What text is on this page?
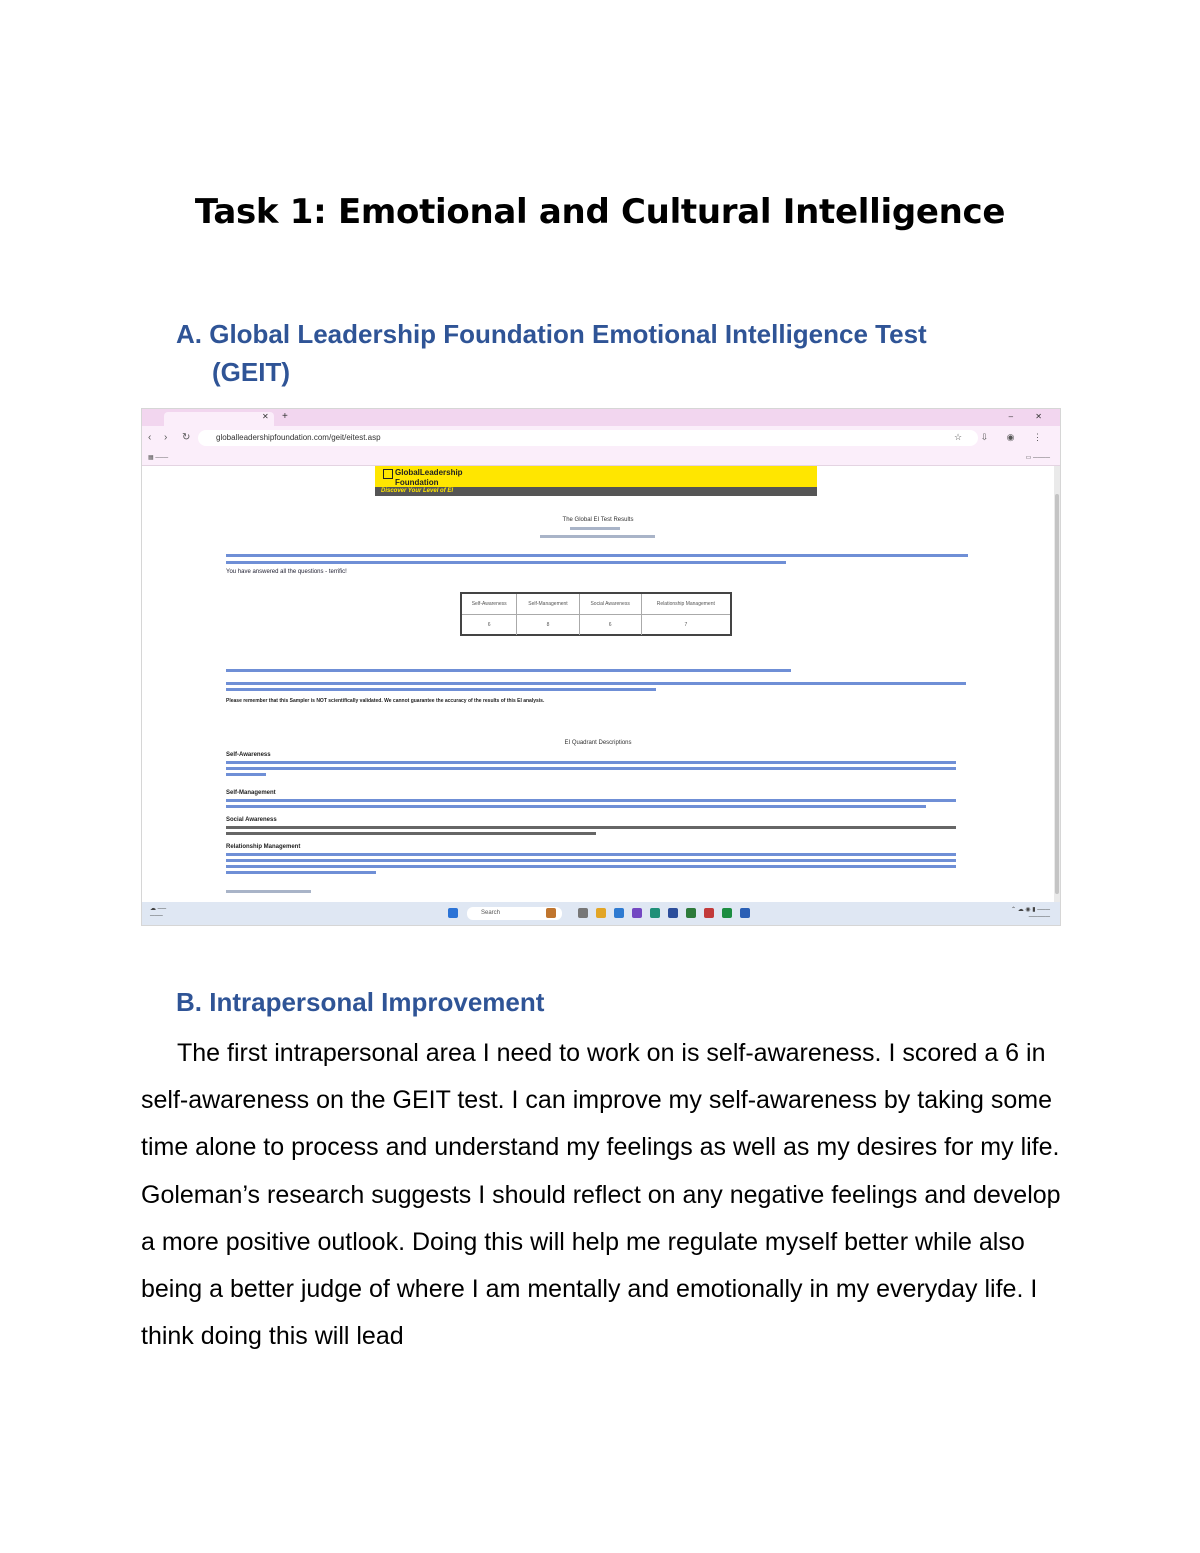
Task 1: Emotional and Cultural Intelligence
A. Global Leadership Foundation Emotional Intelligence Test
(GEIT)
✕ +	– ✕
‹ › ↻	globalleadershipfoundation.com/geit/eitest.asp	☆ ⇩ ◉ ⋮
▦ ───	▭ ────
GlobalLeadership
Foundation
Discover Your Level of EI
The Global EI Test Results
You have answered all the questions - terrific!
Self-Awareness	Self-Management	Social Awareness	Relationship Management
6	8	6	7
Please remember that this Sampler is NOT scientifically validated. We cannot guarantee the accuracy of the results of this EI analysis.
EI Quadrant Descriptions
Self-Awareness
Self-Management
Social Awareness
Relationship Management
☁ ──
───	Search	⌃ ☁ ◉ ▮ ───
─────
B. Intrapersonal Improvement

The first intrapersonal area I need to work on is self-awareness. I scored a 6 in self-awareness on the GEIT test. I can improve my self-awareness by taking some time alone to process and understand my feelings as well as my desires for my life. Goleman’s research suggests I should reflect on any negative feelings and develop a more positive outlook. Doing this will help me regulate myself better while also being a better judge of where I am mentally and emotionally in my everyday life. I think doing this will lead
